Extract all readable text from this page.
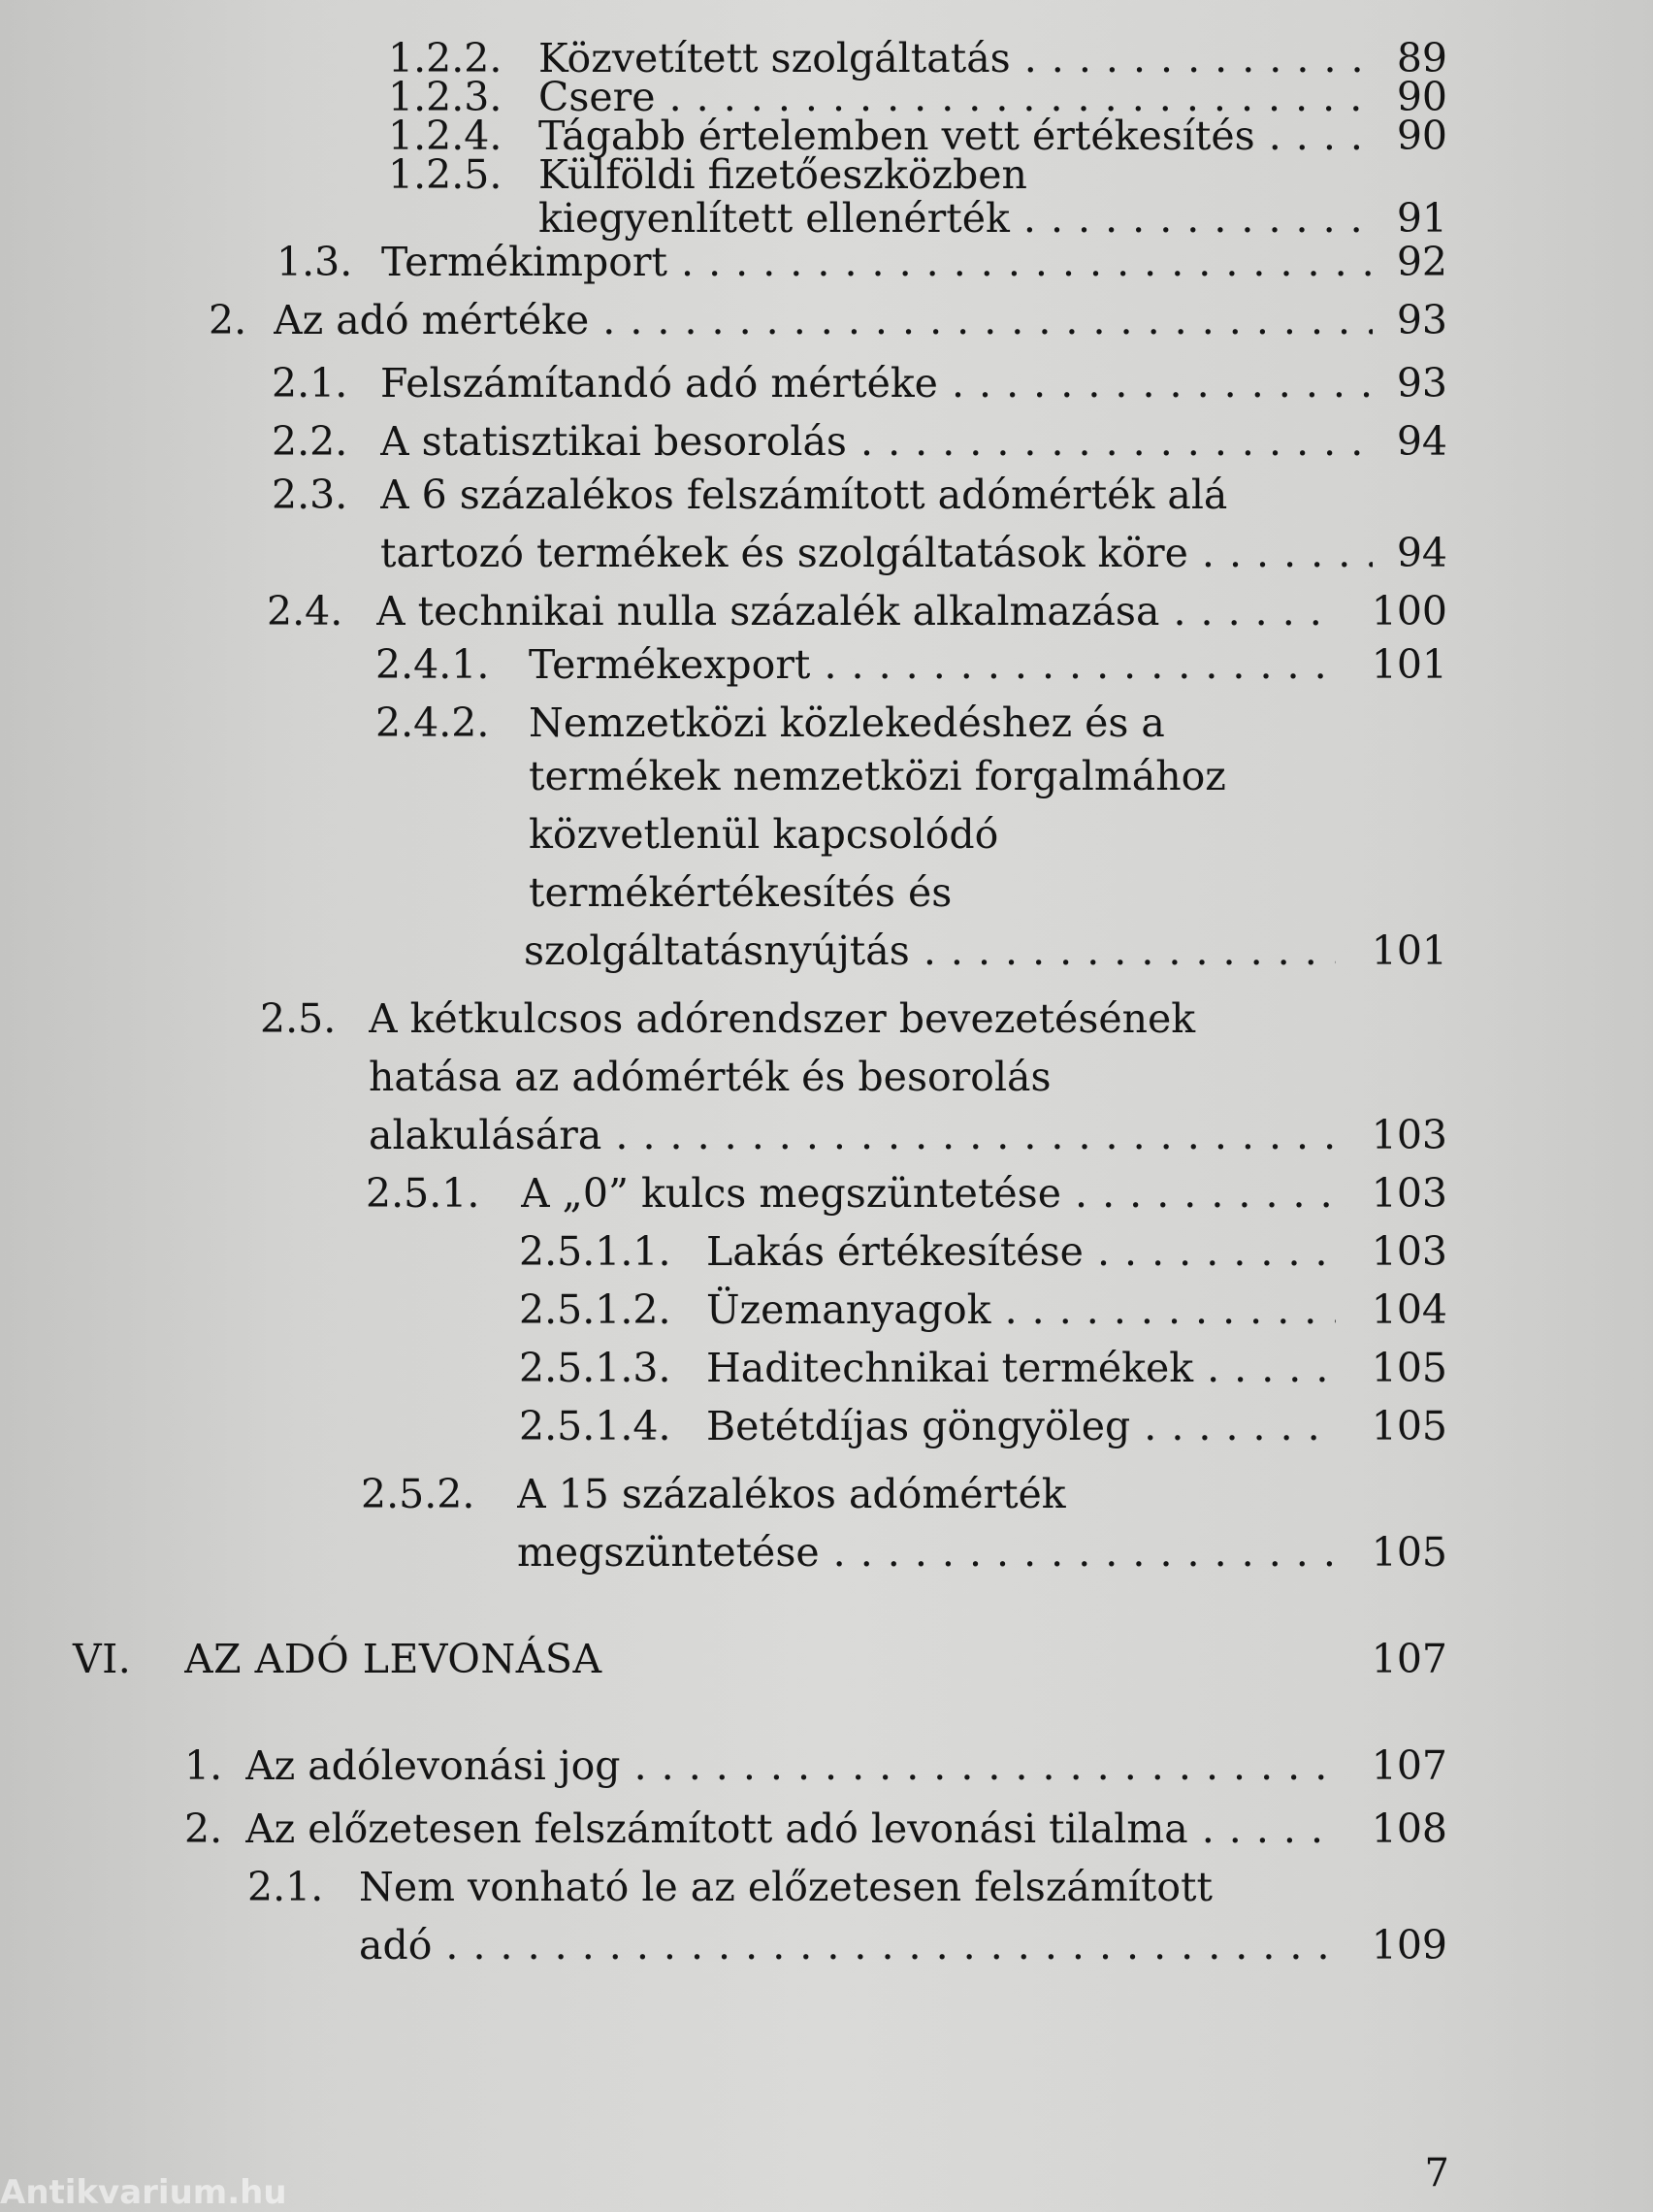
1.2.2. Közvetített szolgáltatás . . .	89
1.2.3. Csere . . .	90
1.2.4. Tágabb értelemben vett értékesítés . . .	90
1.2.5. Külföldi fizetőeszközben
kiegyenlített ellenérték . . .	91
1.3. Termékimport . . .	92
2. Az adó mértéke . . .	93
2.1. Felszámítandó adó mértéke . . .	93
2.2. A statisztikai besorolás . . .	94
2.3. A 6 százalékos felszámított adómérték alá
tartozó termékek és szolgáltatások köre . . .	94
2.4. A technikai nulla százalék alkalmazása . . .	100
2.4.1. Termékexport . . .	101
2.4.2. Nemzetközi közlekedéshez és a
termékek nemzetközi forgalmához
közvetlenül kapcsolódó
termékértékesítés és
szolgáltatásnyújtás . . .	101
2.5. A kétkulcsos adórendszer bevezetésének
hatása az adómérték és besorolás
alakulására . . .	103
2.5.1. A „0” kulcs megszüntetése . . .	103
2.5.1.1. Lakás értékesítése . . .	103
2.5.1.2. Üzemanyagok . . .	104
2.5.1.3. Haditechnikai termékek . . .	105
2.5.1.4. Betétdíjas göngyöleg . . .	105
2.5.2. A 15 százalékos adómérték
megszüntetése . . .	105
VI. AZ ADÓ LEVONÁSA	107
1. Az adólevonási jog . . .	107
2. Az előzetesen felszámított adó levonási tilalma . . .	108
2.1. Nem vonható le az előzetesen felszámított
adó . . .	109
7
Antikvarium.hu
